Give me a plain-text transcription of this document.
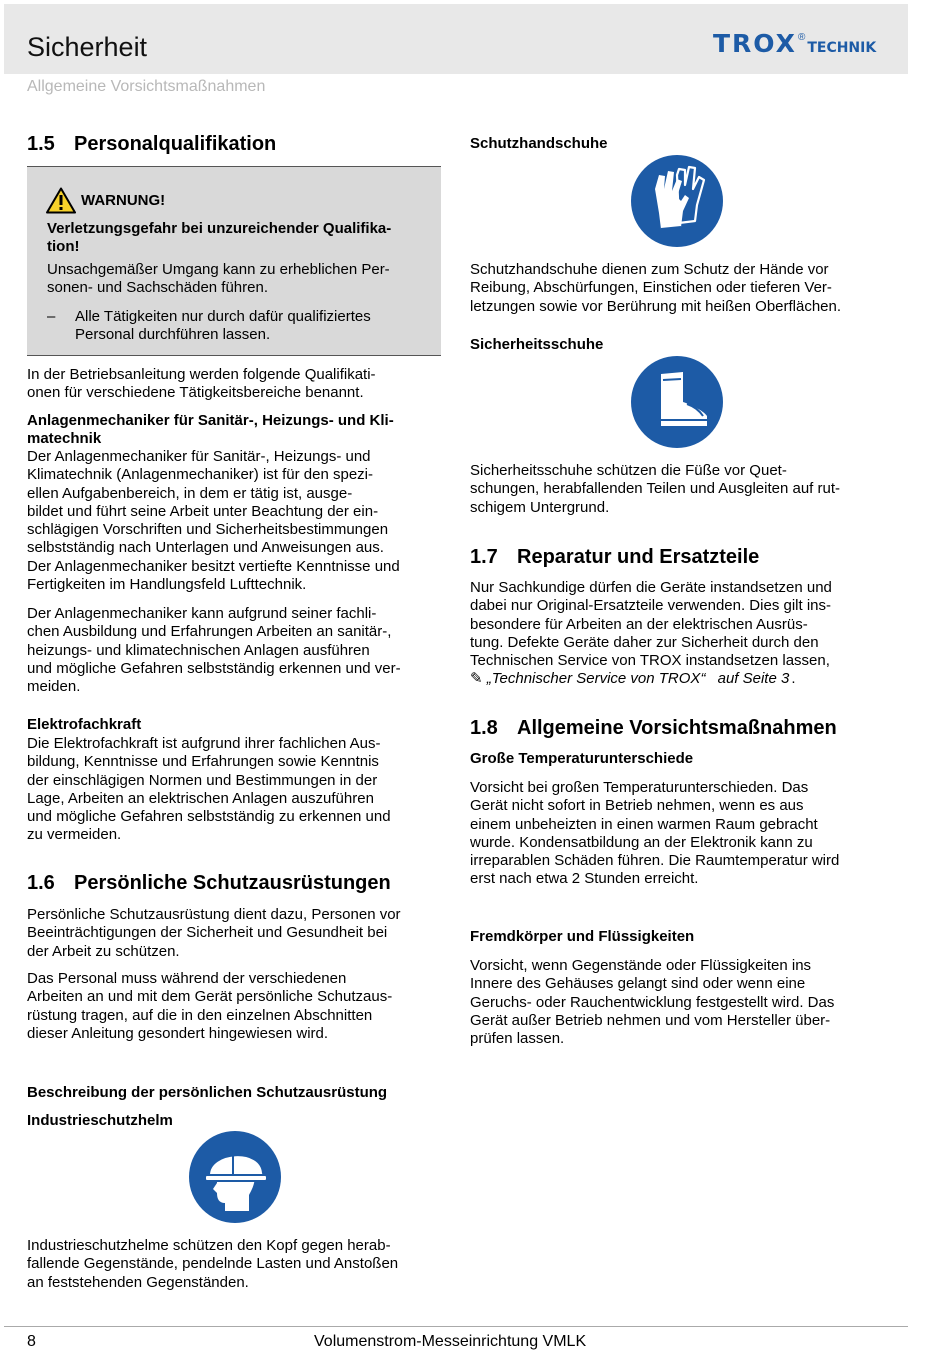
Sicherheit
Allgemeine Vorsichtsmaßnahmen
TROX ®
TECHNIK
1.5 Personalqualifikation
WARNUNG!
Verletzungsgefahr bei unzureichender Qualifika-
tion!
Unsachgemäßer Umgang kann zu erheblichen Per-
sonen- und Sachschäden führen.
–	Alle Tätigkeiten nur durch dafür qualifiziertes
Personal durchführen lassen.
In der Betriebsanleitung werden folgende Qualifikati-
onen für verschiedene Tätigkeitsbereiche benannt.
Anlagenmechaniker für Sanitär-, Heizungs- und Kli-
matechnik
Der Anlagenmechaniker für Sanitär-, Heizungs- und
Klimatechnik (Anlagenmechaniker) ist für den spezi-
ellen Aufgabenbereich, in dem er tätig ist, ausge-
bildet und führt seine Arbeit unter Beachtung der ein-
schlägigen Vorschriften und Sicherheitsbestimmungen
selbstständig nach Unterlagen und Anweisungen aus.
Der Anlagenmechaniker besitzt vertiefte Kenntnisse und
Fertigkeiten im Handlungsfeld Lufttechnik.
Der Anlagenmechaniker kann aufgrund seiner fachli-
chen Ausbildung und Erfahrungen Arbeiten an sanitär-,
heizungs- und klimatechnischen Anlagen ausführen
und mögliche Gefahren selbstständig erkennen und ver-
meiden.
Elektrofachkraft
Die Elektrofachkraft ist aufgrund ihrer fachlichen Aus-
bildung, Kenntnisse und Erfahrungen sowie Kenntnis
der einschlägigen Normen und Bestimmungen in der
Lage, Arbeiten an elektrischen Anlagen auszuführen
und mögliche Gefahren selbstständig zu erkennen und
zu vermeiden.
1.6 Persönliche Schutzausrüstungen
Persönliche Schutzausrüstung dient dazu, Personen vor
Beeinträchtigungen der Sicherheit und Gesundheit bei
der Arbeit zu schützen.
Das Personal muss während der verschiedenen
Arbeiten an und mit dem Gerät persönliche Schutzaus-
rüstung tragen, auf die in den einzelnen Abschnitten
dieser Anleitung gesondert hingewiesen wird.
Beschreibung der persönlichen Schutzausrüstung
Industrieschutzhelm
Industrieschutzhelme schützen den Kopf gegen herab-
fallende Gegenstände, pendelnde Lasten und Anstoßen
an feststehenden Gegenständen.
Schutzhandschuhe
Schutzhandschuhe dienen zum Schutz der Hände vor
Reibung, Abschürfungen, Einstichen oder tieferen Ver-
letzungen sowie vor Berührung mit heißen Oberflächen.
Sicherheitsschuhe
Sicherheitsschuhe schützen die Füße vor Quet-
schungen, herabfallenden Teilen und Ausgleiten auf rut-
schigem Untergrund.
1.7 Reparatur und Ersatzteile
Nur Sachkundige dürfen die Geräte instandsetzen und
dabei nur Original-Ersatzteile verwenden. Dies gilt ins-
besondere für Arbeiten an der elektrischen Ausrüs-
tung. Defekte Geräte daher zur Sicherheit durch den
Technischen Service von TROX instandsetzen lassen,
✎ „Technischer Service von TROX“ auf Seite 3 .
1.8 Allgemeine Vorsichtsmaßnahmen
Große Temperaturunterschiede
Vorsicht bei großen Temperaturunterschieden. Das
Gerät nicht sofort in Betrieb nehmen, wenn es aus
einem unbeheizten in einen warmen Raum gebracht
wurde. Kondensatbildung an der Elektronik kann zu
irreparablen Schäden führen. Die Raumtemperatur wird
erst nach etwa 2 Stunden erreicht.
Fremdkörper und Flüssigkeiten
Vorsicht, wenn Gegenstände oder Flüssigkeiten ins
Innere des Gehäuses gelangt sind oder wenn eine
Geruchs- oder Rauchentwicklung festgestellt wird. Das
Gerät außer Betrieb nehmen und vom Hersteller über-
prüfen lassen.
8	Volumenstrom-Messeinrichtung VMLK
